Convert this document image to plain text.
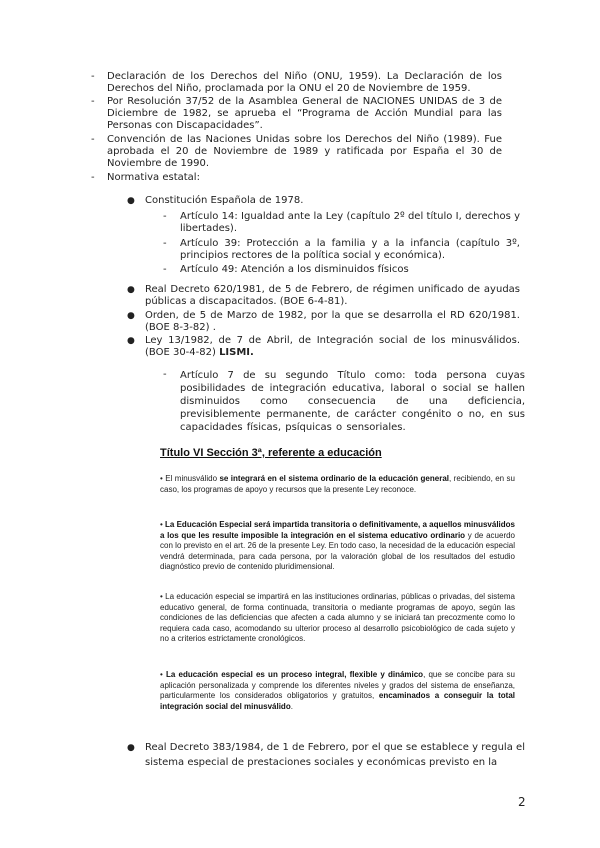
- Declaración de los Derechos del Niño (ONU, 1959). La Declaración de los Derechos del Niño, proclamada por la ONU el 20 de Noviembre de 1959.
- Por Resolución 37/52 de la Asamblea General de NACIONES UNIDAS de 3 de Diciembre de 1982, se aprueba el “Programa de Acción Mundial para las Personas con Discapacidades”.
- Convención de las Naciones Unidas sobre los Derechos del Niño (1989). Fue aprobada el 20 de Noviembre de 1989 y ratificada por España el 30 de Noviembre de 1990.
- Normativa estatal:
● Constitución Española de 1978.
- Artículo 14: Igualdad ante la Ley (capítulo 2º del título I, derechos y libertades).
- Artículo 39: Protección a la familia y a la infancia (capítulo 3º, principios rectores de la política social y económica).
- Artículo 49: Atención a los disminuidos físicos
● Real Decreto 620/1981, de 5 de Febrero, de régimen unificado de ayudas públicas a discapacitados. (BOE 6-4-81).
● Orden, de 5 de Marzo de 1982, por la que se desarrolla el RD 620/1981. (BOE 8-3-82) .
● Ley 13/1982, de 7 de Abril, de Integración social de los minusválidos. (BOE 30-4-82) LISMI.
- Artículo 7 de su segundo Título como: toda persona cuyas posibilidades de integración educativa, laboral o social se hallen disminuidos como consecuencia de una deficiencia, previsiblemente permanente, de carácter congénito o no, en sus capacidades físicas, psíquicas o sensoriales.
Título VI Sección 3ª, referente a educación
• El minusválido se integrará en el sistema ordinario de la educación general, recibiendo, en su caso, los programas de apoyo y recursos que la presente Ley reconoce.
• La Educación Especial será impartida transitoria o definitivamente, a aquellos minusválidos a los que les resulte imposible la integración en el sistema educativo ordinario y de acuerdo con lo previsto en el art. 26 de la presente Ley. En todo caso, la necesidad de la educación especial vendrá determinada, para cada persona, por la valoración global de los resultados del estudio diagnóstico previo de contenido pluridimensional.
• La educación especial se impartirá en las instituciones ordinarias, públicas o privadas, del sistema educativo general, de forma continuada, transitoria o mediante programas de apoyo, según las condiciones de las deficiencias que afecten a cada alumno y se iniciará tan precozmente como lo requiera cada caso, acomodando su ulterior proceso al desarrollo psicobiológico de cada sujeto y no a criterios estrictamente cronológicos.
• La educación especial es un proceso integral, flexible y dinámico, que se concibe para su aplicación personalizada y comprende los diferentes niveles y grados del sistema de enseñanza, particularmente los considerados obligatorios y gratuitos, encaminados a conseguir la total integración social del minusválido.
● Real Decreto 383/1984, de 1 de Febrero, por el que se establece y regula el sistema especial de prestaciones sociales y económicas previsto en la
2
